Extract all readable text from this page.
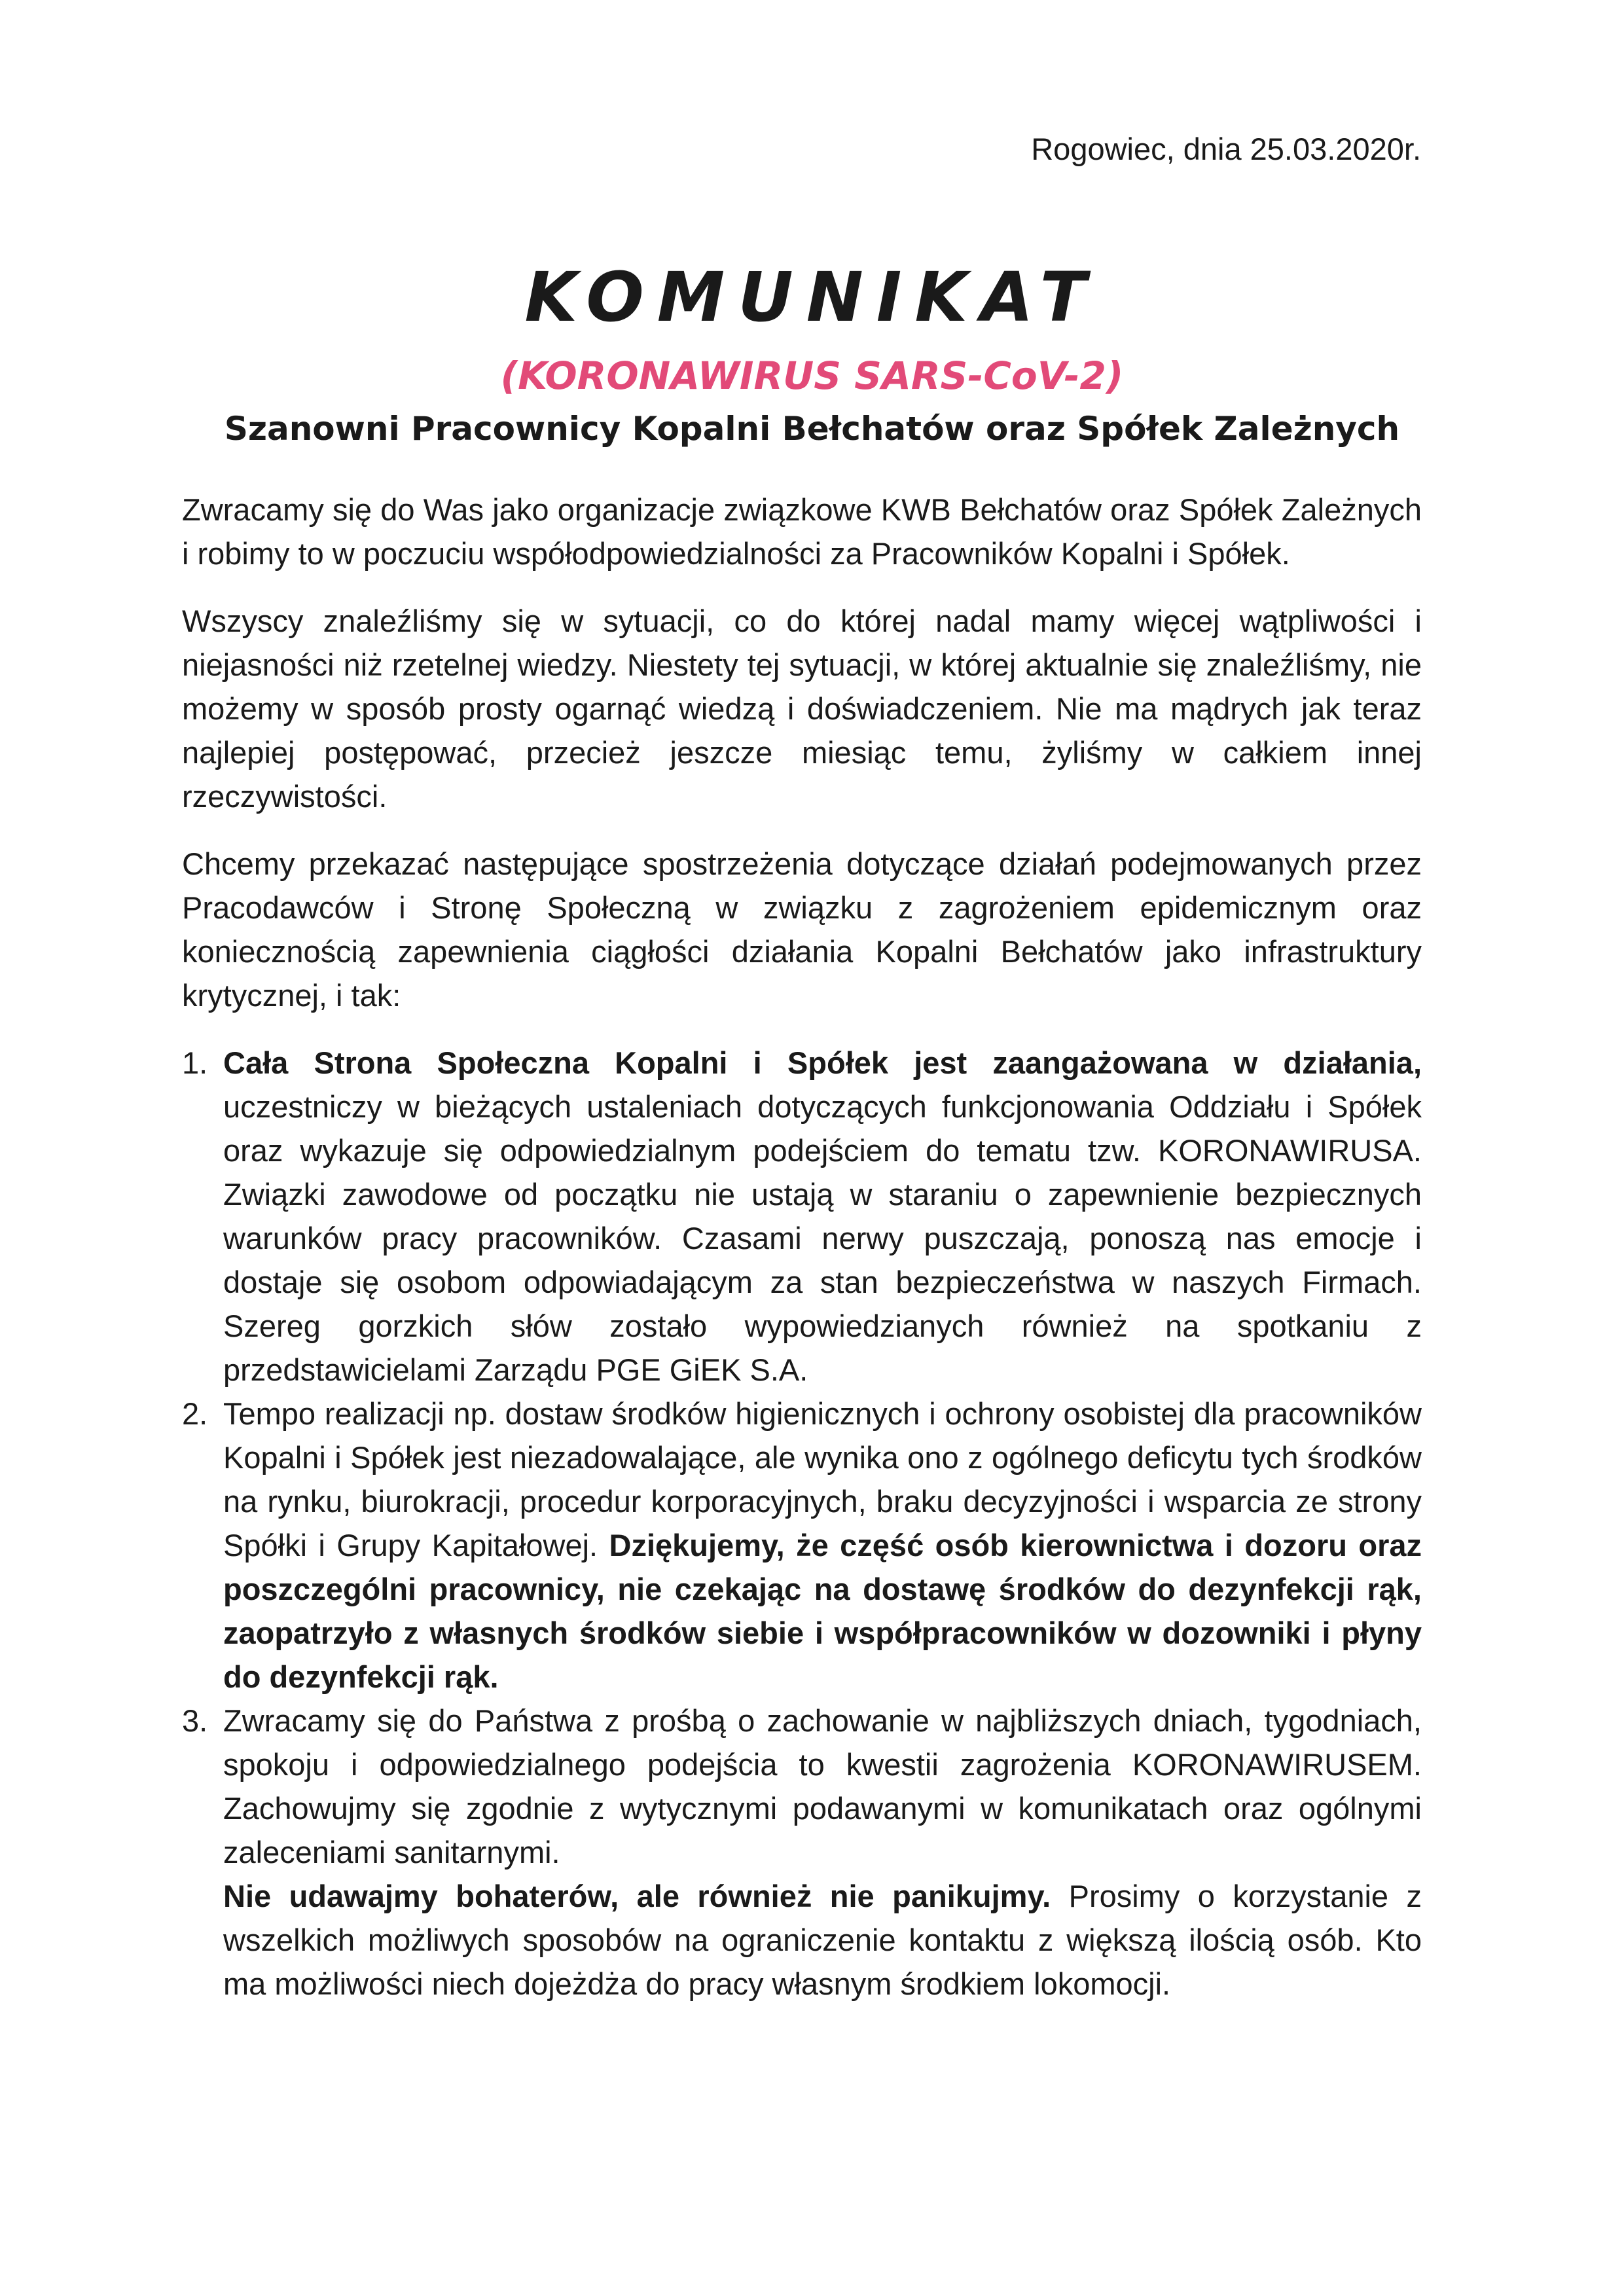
Rogowiec, dnia 25.03.2020r.
KOMUNIKAT
(KORONAWIRUS SARS-CoV-2)
Szanowni Pracownicy Kopalni Bełchatów oraz Spółek Zależnych

Zwracamy się do Was jako organizacje związkowe KWB Bełchatów oraz Spółek Zależnych i robimy to w poczuciu współodpowiedzialności za Pracowników Kopalni i Spółek.

Wszyscy znaleźliśmy się w sytuacji, co do której nadal mamy więcej wątpliwości i niejasności niż rzetelnej wiedzy. Niestety tej sytuacji, w której aktualnie się znaleźliśmy, nie możemy w sposób prosty ogarnąć wiedzą i doświadczeniem. Nie ma mądrych jak teraz najlepiej postępować, przecież jeszcze miesiąc temu, żyliśmy w całkiem innej rzeczywistości.

Chcemy przekazać następujące spostrzeżenia dotyczące działań podejmowanych przez Pracodawców i Stronę Społeczną w związku z zagrożeniem epidemicznym oraz koniecznością zapewnienia ciągłości działania Kopalni Bełchatów jako infrastruktury krytycznej, i tak:

1. Cała Strona Społeczna Kopalni i Spółek jest zaangażowana w działania, uczestniczy w bieżących ustaleniach dotyczących funkcjonowania Oddziału i Spółek oraz wykazuje się odpowiedzialnym podejściem do tematu tzw. KORONAWIRUSA. Związki zawodowe od początku nie ustają w staraniu o zapewnienie bezpiecznych warunków pracy pracowników. Czasami nerwy puszczają, ponoszą nas emocje i dostaje się osobom odpowiadającym za stan bezpieczeństwa w naszych Firmach. Szereg gorzkich słów zostało wypowiedzianych również na spotkaniu z przedstawicielami Zarządu PGE GiEK S.A.
2. Tempo realizacji np. dostaw środków higienicznych i ochrony osobistej dla pracowników Kopalni i Spółek jest niezadowalające, ale wynika ono z ogólnego deficytu tych środków na rynku, biurokracji, procedur korporacyjnych, braku decyzyjności i wsparcia ze strony Spółki i Grupy Kapitałowej. Dziękujemy, że część osób kierownictwa i dozoru oraz poszczególni pracownicy, nie czekając na dostawę środków do dezynfekcji rąk, zaopatrzyło z własnych środków siebie i współpracowników w dozowniki i płyny do dezynfekcji rąk.
3. Zwracamy się do Państwa z prośbą o zachowanie w najbliższych dniach, tygodniach, spokoju i odpowiedzialnego podejścia to kwestii zagrożenia KORONAWIRUSEM. Zachowujmy się zgodnie z wytycznymi podawanymi w komunikatach oraz ogólnymi zaleceniami sanitarnymi.
Nie udawajmy bohaterów, ale również nie panikujmy. Prosimy o korzystanie z wszelkich możliwych sposobów na ograniczenie kontaktu z większą ilością osób. Kto ma możliwości niech dojeżdża do pracy własnym środkiem lokomocji.
